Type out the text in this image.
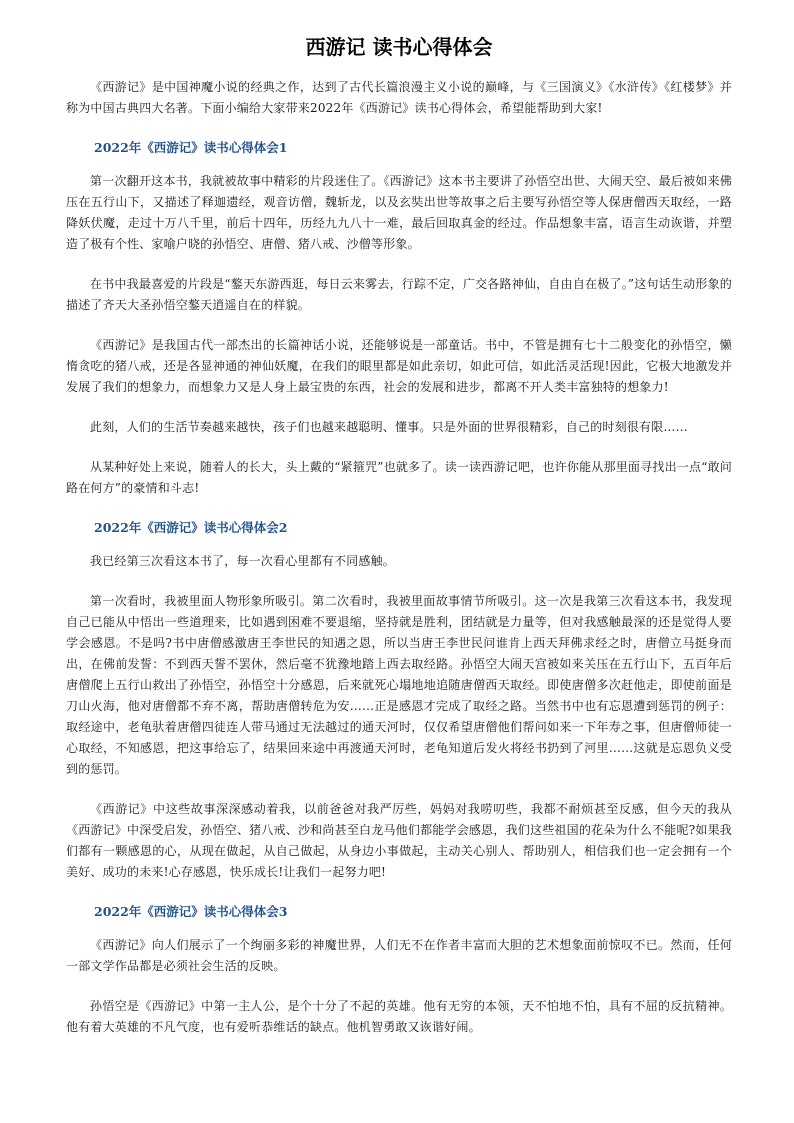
西游记 读书心得体会

《西游记》是中国神魔小说的经典之作，达到了古代长篇浪漫主义小说的巅峰，与《三国演义》《水浒传》《红楼梦》并称为中国古典四大名著。下面小编给大家带来2022年《西游记》读书心得体会，希望能帮助到大家!

2022年《西游记》读书心得体会1

第一次翻开这本书，我就被故事中精彩的片段迷住了。《西游记》这本书主要讲了孙悟空出世、大闹天空、最后被如来佛压在五行山下，又描述了释迦遗经，观音访僧，魏斩龙，以及玄奘出世等故事之后主要写孙悟空等人保唐僧西天取经，一路降妖伏魔，走过十万八千里，前后十四年，历经九九八十一难，最后回取真金的经过。作品想象丰富，语言生动诙谐，并塑造了极有个性、家喻户晓的孙悟空、唐僧、猪八戒、沙僧等形象。

在书中我最喜爱的片段是“鏊天东游西逛，每日云来雾去，行踪不定，广交各路神仙，自由自在极了。”这句话生动形象的描述了齐天大圣孙悟空鏊天逍遥自在的样貌。

《西游记》是我国古代一部杰出的长篇神话小说，还能够说是一部童话。书中，不管是拥有七十二般变化的孙悟空，懒惰贪吃的猪八戒，还是各显神通的神仙妖魔，在我们的眼里都是如此亲切，如此可信，如此活灵活现!因此，它极大地激发并发展了我们的想象力，而想象力又是人身上最宝贵的东西，社会的发展和进步，都离不开人类丰富独特的想象力!

此刻，人们的生活节奏越来越快，孩子们也越来越聪明、懂事。只是外面的世界很精彩，自己的时刻很有限……

从某种好处上来说，随着人的长大，头上戴的“紧箍咒”也就多了。读一读西游记吧，也许你能从那里面寻找出一点“敢问路在何方”的豪情和斗志!

2022年《西游记》读书心得体会2

我已经第三次看这本书了，每一次看心里都有不同感触。

第一次看时，我被里面人物形象所吸引。第二次看时，我被里面故事情节所吸引。这一次是我第三次看这本书，我发现自己已能从中悟出一些道理来，比如遇到困难不要退缩，坚持就是胜利，团结就是力量等，但对我感触最深的还是觉得人要学会感恩。不是吗?书中唐僧感激唐王李世民的知遇之恩，所以当唐王李世民问谁肯上西天拜佛求经之时，唐僧立马挺身而出，在佛前发誓：不到西天誓不罢休，然后毫不犹豫地踏上西去取经路。孙悟空大闹天宫被如来关压在五行山下，五百年后唐僧爬上五行山救出了孙悟空，孙悟空十分感恩，后来就死心塌地地追随唐僧西天取经。即使唐僧多次赶他走，即使前面是刀山火海，他对唐僧都不弃不离，帮助唐僧转危为安……正是感恩才完成了取经之路。当然书中也有忘恩遭到惩罚的例子：取经途中，老龟驮着唐僧四徒连人带马通过无法越过的通天河时，仅仅希望唐僧他们帮问如来一下年寿之事，但唐僧师徒一心取经，不知感恩，把这事给忘了，结果回来途中再渡通天河时，老龟知道后发火将经书扔到了河里……这就是忘恩负义受到的惩罚。

《西游记》中这些故事深深感动着我，以前爸爸对我严厉些，妈妈对我唠叨些，我都不耐烦甚至反感，但今天的我从《西游记》中深受启发，孙悟空、猪八戒、沙和尚甚至白龙马他们都能学会感恩，我们这些祖国的花朵为什么不能呢?如果我们都有一颗感恩的心，从现在做起，从自己做起，从身边小事做起，主动关心别人、帮助别人，相信我们也一定会拥有一个美好、成功的未来!心存感恩，快乐成长!让我们一起努力吧!

2022年《西游记》读书心得体会3

《西游记》向人们展示了一个绚丽多彩的神魔世界，人们无不在作者丰富而大胆的艺术想象面前惊叹不已。然而，任何一部文学作品都是必须社会生活的反映。

孙悟空是《西游记》中第一主人公，是个十分了不起的英雄。他有无穷的本领，天不怕地不怕，具有不屈的反抗精神。他有着大英雄的不凡气度，也有爱听恭维话的缺点。他机智勇敢又诙谐好闹。
